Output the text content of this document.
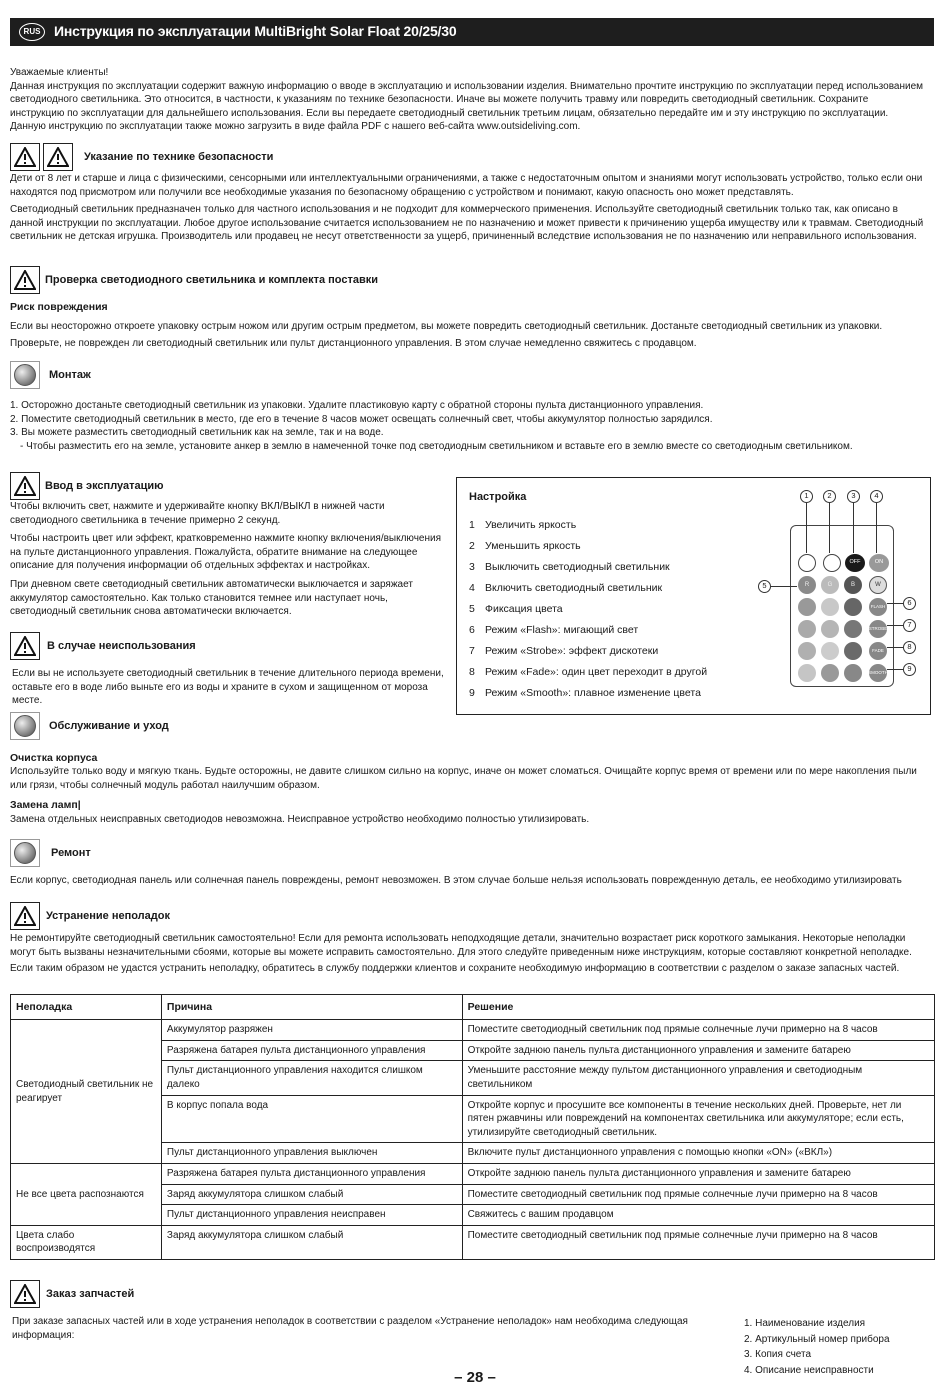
RUS Инструкция по эксплуатации MultiBright Solar Float 20/25/30
Уважаемые клиенты!
Данная инструкция по эксплуатации содержит важную информацию о вводе в эксплуатацию и использовании изделия. Внимательно прочтите инструкцию по эксплуатации перед использованием светодиодного светильника. Это относится, в частности, к указаниям по технике безопасности. Иначе вы можете получить травму или повредить светодиодный светильник. Сохраните инструкцию по эксплуатации для дальнейшего использования. Если вы передаете светодиодный светильник третьим лицам, обязательно передайте им и эту инструкцию по эксплуатации. Данную инструкцию по эксплуатации также можно загрузить в виде файла PDF с нашего веб-сайта www.outsideliving.com.
Указание по технике безопасности

Дети от 8 лет и старше и лица с физическими, сенсорными или интеллектуальными ограничениями, а также с недостаточным опытом и знаниями могут использовать устройство, только если они находятся под присмотром или получили все необходимые указания по безопасному обращению с устройством и понимают, какую опасность оно может представлять.

Светодиодный светильник предназначен только для частного использования и не подходит для коммерческого применения. Используйте светодиодный светильник только так, как описано в данной инструкции по эксплуатации. Любое другое использование считается использованием не по назначению и может привести к причинению ущерба имуществу или к травмам. Светодиодный светильник не детская игрушка. Производитель или продавец не несут ответственности за ущерб, причиненный вследствие использования не по назначению или неправильного использования.

Проверка светодиодного светильника и комплекта поставки
Риск повреждения

Если вы неосторожно откроете упаковку острым ножом или другим острым предметом, вы можете повредить светодиодный светильник. Достаньте светодиодный светильник из упаковки.

Проверьте, не поврежден ли светодиодный светильник или пульт дистанционного управления. В этом случае немедленно свяжитесь с продавцом.

Монтаж
1. Осторожно достаньте светодиодный светильник из упаковки. Удалите пластиковую карту с обратной стороны пульта дистанционного управления.
2. Поместите светодиодный светильник в место, где его в течение 8 часов может освещать солнечный свет, чтобы аккумулятор полностью зарядился.
3. Вы можете разместить светодиодный светильник как на земле, так и на воде.
- Чтобы разместить его на земле, установите анкер в землю в намеченной точке под светодиодным светильником и вставьте его в землю вместе со светодиодным светильником.
Ввод в эксплуатацию

Чтобы включить свет, нажмите и удерживайте кнопку ВКЛ/ВЫКЛ в нижней части светодиодного светильника в течение примерно 2 секунд.

Чтобы настроить цвет или эффект, кратковременно нажмите кнопку включения/выключения на пульте дистанционного управления. Пожалуйста, обратите внимание на следующее описание для получения информации об отдельных эффектах и настройках.

При дневном свете светодиодный светильник автоматически выключается и заряжает аккумулятор самостоятельно. Как только становится темнее или наступает ночь, светодиодный светильник снова автоматически включается.

Настройка
1 Увеличить яркость
2 Уменьшить яркость
3 Выключить светодиодный светильник
4 Включить светодиодный светильник
5 Фиксация цвета
6 Режим «Flash»: мигающий свет
7 Режим «Strobe»: эффект дискотеки
8 Режим «Fade»: один цвет переходит в другой
9 Режим «Smooth»: плавное изменение цвета
OFF	ON
R	G	B	W
FLASH
STROBE
FADE
SMOOTH
1	2	3	4
5
6
7
8
9
В случае неиспользования

Если вы не используете светодиодный светильник в течение длительного периода времени, оставьте его в воде либо выньте его из воды и храните в сухом и защищенном от мороза месте.

Обслуживание и уход
Очистка корпуса

Используйте только воду и мягкую ткань. Будьте осторожны, не давите слишком сильно на корпус, иначе он может сломаться. Очищайте корпус время от времени или по мере накопления пыли или грязи, чтобы солнечный модуль работал наилучшим образом.

Замена ламп|

Замена отдельных неисправных светодиодов невозможна. Неисправное устройство необходимо полностью утилизировать.

Ремонт

Если корпус, светодиодная панель или солнечная панель повреждены, ремонт невозможен. В этом случае больше нельзя использовать поврежденную деталь, ее необходимо утилизировать

Устранение неполадок

Не ремонтируйте светодиодный светильник самостоятельно! Если для ремонта использовать неподходящие детали, значительно возрастает риск короткого замыкания. Некоторые неполадки могут быть вызваны незначительными сбоями, которые вы можете исправить самостоятельно. Для этого следуйте приведенным ниже инструкциям, которые составляют конкретной неполадке.

Если таким образом не удастся устранить неполадку, обратитесь в службу поддержки клиентов и сохраните необходимую информацию в соответствии с разделом о заказе запасных частей.

Неполадка	Причина	Решение
Светодиодный светильник не реагирует	Аккумулятор разряжен	Поместите светодиодный светильник под прямые солнечные лучи примерно на 8 часов
	Разряжена батарея пульта дистанционного управления	Откройте заднюю панель пульта дистанционного управления и замените батарею
	Пульт дистанционного управления находится слишком далеко	Уменьшите расстояние между пультом дистанционного управления и светодиодным светильником
	В корпус попала вода	Откройте корпус и просушите все компоненты в течение нескольких дней. Проверьте, нет ли пятен ржавчины или повреждений на компонентах светильника или аккумуляторе; если есть, утилизируйте светодиодный светильник.
	Пульт дистанционного управления выключен	Включите пульт дистанционного управления с помощью кнопки «ON» («ВКЛ»)
Не все цвета распознаются	Разряжена батарея пульта дистанционного управления	Откройте заднюю панель пульта дистанционного управления и замените батарею
	Заряд аккумулятора слишком слабый	Поместите светодиодный светильник под прямые солнечные лучи примерно на 8 часов
	Пульт дистанционного управления неисправен	Свяжитесь с вашим продавцом
Цвета слабо воспроизводятся	Заряд аккумулятора слишком слабый	Поместите светодиодный светильник под прямые солнечные лучи примерно на 8 часов
Заказ запчастей

При заказе запасных частей или в ходе устранения неполадок в соответствии с разделом «Устранение неполадок» нам необходима следующая информация:

1. Наименование изделия
2. Артикульный номер прибора
3. Копия счета
4. Описание неисправности
– 28 –
